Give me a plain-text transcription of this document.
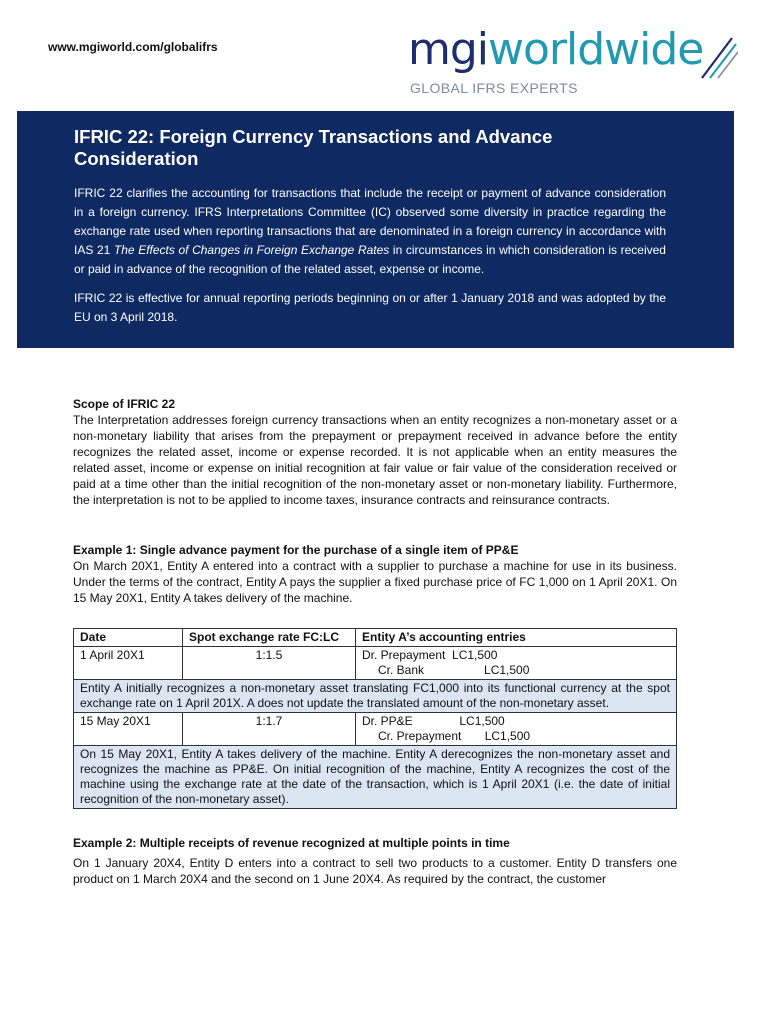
www.mgiworld.com/globalifrs	mgiworldwide
GLOBAL IFRS EXPERTS
IFRIC 22: Foreign Currency Transactions and Advance Consideration

IFRIC 22 clarifies the accounting for transactions that include the receipt or payment of advance consideration in a foreign currency. IFRS Interpretations Committee (IC) observed some diversity in practice regarding the exchange rate used when reporting transactions that are denominated in a foreign currency in accordance with IAS 21 The Effects of Changes in Foreign Exchange Rates in circumstances in which consideration is received or paid in advance of the recognition of the related asset, expense or income.

IFRIC 22 is effective for annual reporting periods beginning on or after 1 January 2018 and was adopted by the EU on 3 April 2018.

Scope of IFRIC 22

The Interpretation addresses foreign currency transactions when an entity recognizes a non-monetary asset or a non-monetary liability that arises from the prepayment or prepayment received in advance before the entity recognizes the related asset, income or expense recorded. It is not applicable when an entity measures the related asset, income or expense on initial recognition at fair value or fair value of the consideration received or paid at a time other than the initial recognition of the non-monetary asset or non-monetary liability. Furthermore, the interpretation is not to be applied to income taxes, insurance contracts and reinsurance contracts.

Example 1: Single advance payment for the purchase of a single item of PP&E

On March 20X1, Entity A entered into a contract with a supplier to purchase a machine for use in its business. Under the terms of the contract, Entity A pays the supplier a fixed purchase price of FC 1,000 on 1 April 20X1. On 15 May 20X1, Entity A takes delivery of the machine.

Date	Spot exchange rate FC:LC	Entity A’s accounting entries
1 April 20X1	1:1.5	Dr. Prepayment  LC1,500
Cr. Bank                  LC1,500

Entity A initially recognizes a non-monetary asset translating FC1,000 into its functional currency at the spot exchange rate on 1 April 201X. A does not update the translated amount of the non-monetary asset.		
15 May 20X1	1:1.7	Dr. PP&E              LC1,500
Cr. Prepayment       LC1,500

On 15 May 20X1, Entity A takes delivery of the machine. Entity A derecognizes the non-monetary asset and recognizes the machine as PP&E. On initial recognition of the machine, Entity A recognizes the cost of the machine using the exchange rate at the date of the transaction, which is 1 April 20X1 (i.e. the date of initial recognition of the non-monetary asset).		
Example 2: Multiple receipts of revenue recognized at multiple points in time

On 1 January 20X4, Entity D enters into a contract to sell two products to a customer. Entity D transfers one product on 1 March 20X4 and the second on 1 June 20X4. As required by the contract, the customer
